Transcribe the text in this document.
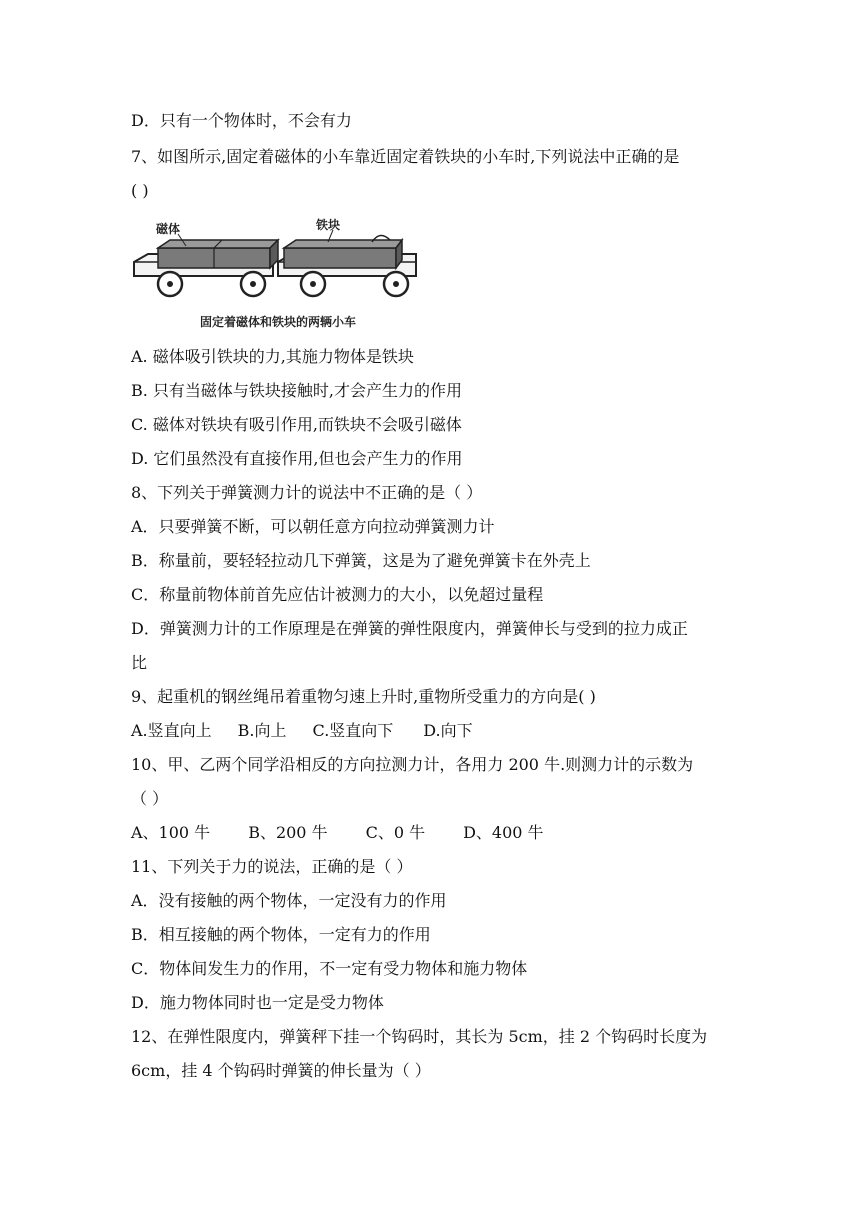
D．只有一个物体时，不会有力
7、如图所示,固定着磁体的小车靠近固定着铁块的小车时,下列说法中正确的是
( )
磁体	铁块
固定着磁体和铁块的两辆小车
A. 磁体吸引铁块的力,其施力物体是铁块
B. 只有当磁体与铁块接触时,才会产生力的作用
C. 磁体对铁块有吸引作用,而铁块不会吸引磁体
D. 它们虽然没有直接作用,但也会产生力的作用
8、下列关于弹簧测力计的说法中不正确的是（ ）
A．只要弹簧不断，可以朝任意方向拉动弹簧测力计
B．称量前，要轻轻拉动几下弹簧，这是为了避免弹簧卡在外壳上
C．称量前物体前首先应估计被测力的大小，以免超过量程
D．弹簧测力计的工作原理是在弹簧的弹性限度内，弹簧伸长与受到的拉力成正
比
9、起重机的钢丝绳吊着重物匀速上升时,重物所受重力的方向是( )
A.竖直向上 B.向上 C.竖直向下 D.向下
10、甲、乙两个同学沿相反的方向拉测力计，各用力 200 牛.则测力计的示数为
（ ）
A、100 牛 B、200 牛 C、0 牛 D、400 牛
11、下列关于力的说法，正确的是（ ）
A．没有接触的两个物体，一定没有力的作用
B．相互接触的两个物体，一定有力的作用
C．物体间发生力的作用，不一定有受力物体和施力物体
D．施力物体同时也一定是受力物体
12、在弹性限度内，弹簧秤下挂一个钩码时，其长为 5cm，挂 2 个钩码时长度为
6cm，挂 4 个钩码时弹簧的伸长量为（ ）
